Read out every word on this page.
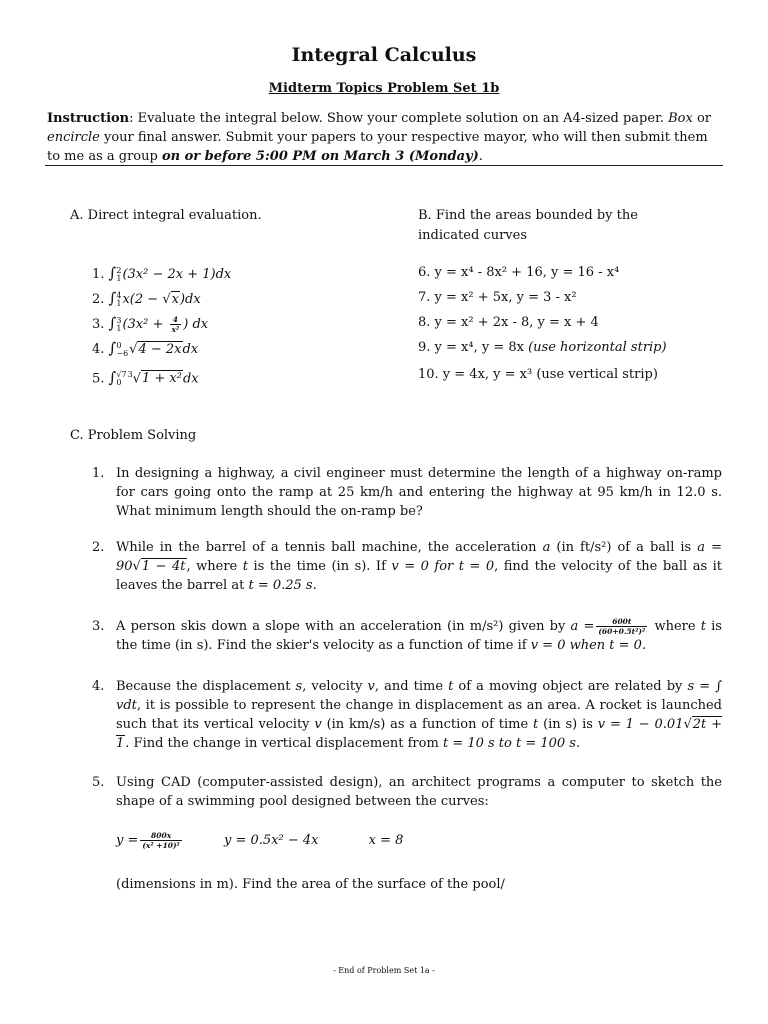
Integral Calculus
Midterm Topics Problem Set 1b
Instruction: Evaluate the integral below. Show your complete solution on an A4-sized paper. Box or encircle your final answer. Submit your papers to your respective mayor, who will then submit them to me as a group on or before 5:00 PM on March 3 (Monday).
A. Direct integral evaluation.	B. Find the areas bounded by the indicated curves
1. ∫ 2
1 (3x² − 2x + 1)dx
2. ∫ 4
1 x(2 − √x)dx
3. ∫ 3
1 ($3x^2 + \frac{4}{\text{x²}}$ ) dx
4. ∫ 0
−6 √4 − 2xdx
5. ∫ √7
0
$^3$√1 + x²dx
6. y = x⁴ - 8x² + 16, y = 16 - x⁴
7. y = x² + 5x, y = 3 - x²
8. y = x² + 2x - 8, y = x + 4
9. y = x⁴, y = 8x (use horizontal strip)
10. y = 4x, y = x³ (use vertical strip)
C. Problem Solving
1. In designing a highway, a civil engineer must determine the length of a highway on-ramp for cars going onto the ramp at 25 km/h and entering the highway at 95 km/h in 12.0 s. What minimum length should the on-ramp be?
2. While in the barrel of a tennis ball machine, the acceleration a (in ft/s²) of a ball is a = 90√1 − 4t, where t is the time (in s). If v = 0 for t = 0, find the velocity of the ball as it leaves the barrel at t = 0.25 s.
3. A person skis down a slope with an acceleration (in m/s²) given by $a = \frac{600t}{\text{(60+0.5t²)²}}$ where t is the time (in s). Find the skier's velocity as a function of time if v = 0 when t = 0.
4. Because the displacement s, velocity v, and time t of a moving object are related by s = ∫ vdt, it is possible to represent the change in displacement as an area. A rocket is launched such that its vertical velocity v (in km/s) as a function of time t (in s) is v = 1 − 0.01√2t + 1. Find the change in vertical displacement from t = 10 s to t = 100 s.
5. Using CAD (computer-assisted design), an architect programs a computer to sketch the shape of a swimming pool designed between the curves:
$y = \frac{800x}{\text{(x² +10)²}}$	y = 0.5x² − 4x	x = 8
(dimensions in m). Find the area of the surface of the pool/
- End of Problem Set 1a -
